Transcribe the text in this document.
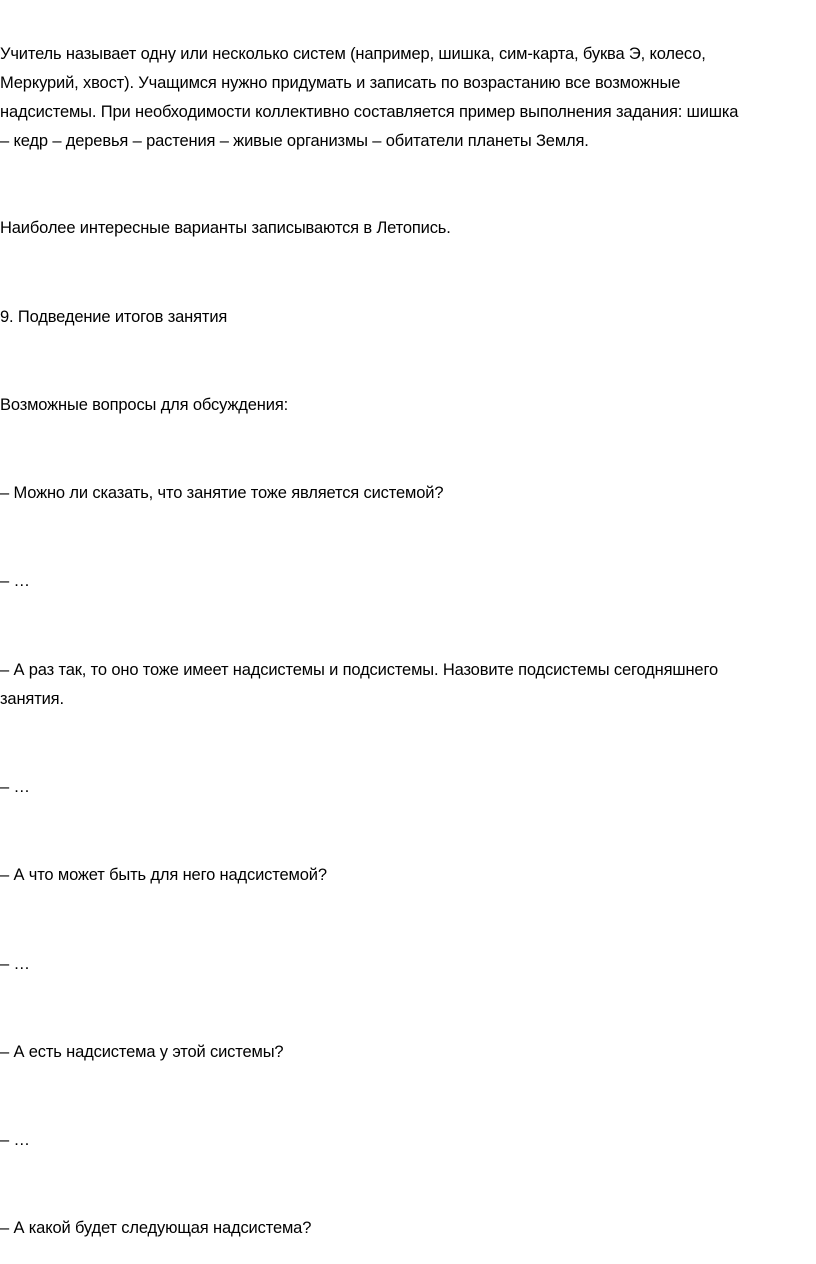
Учитель называет одну или несколько систем (например, шишка, сим-карта, буква Э, колесо,

Меркурий, хвост). Учащимся нужно придумать и записать по возрастанию все возможные

надсистемы. При необходимости коллективно составляется пример выполнения задания: шишка

– кедр – деревья – растения – живые организмы – обитатели планеты Земля.

Наиболее интересные варианты записываются в Летопись.

9. Подведение итогов занятия

Возможные вопросы для обсуждения:

– Можно ли сказать, что занятие тоже является системой?

– …

– А раз так, то оно тоже имеет надсистемы и подсистемы. Назовите подсистемы сегодняшнего

занятия.

– …

– А что может быть для него надсистемой?

– …

– А есть надсистема у этой системы?

– …

– А какой будет следующая надсистема?
